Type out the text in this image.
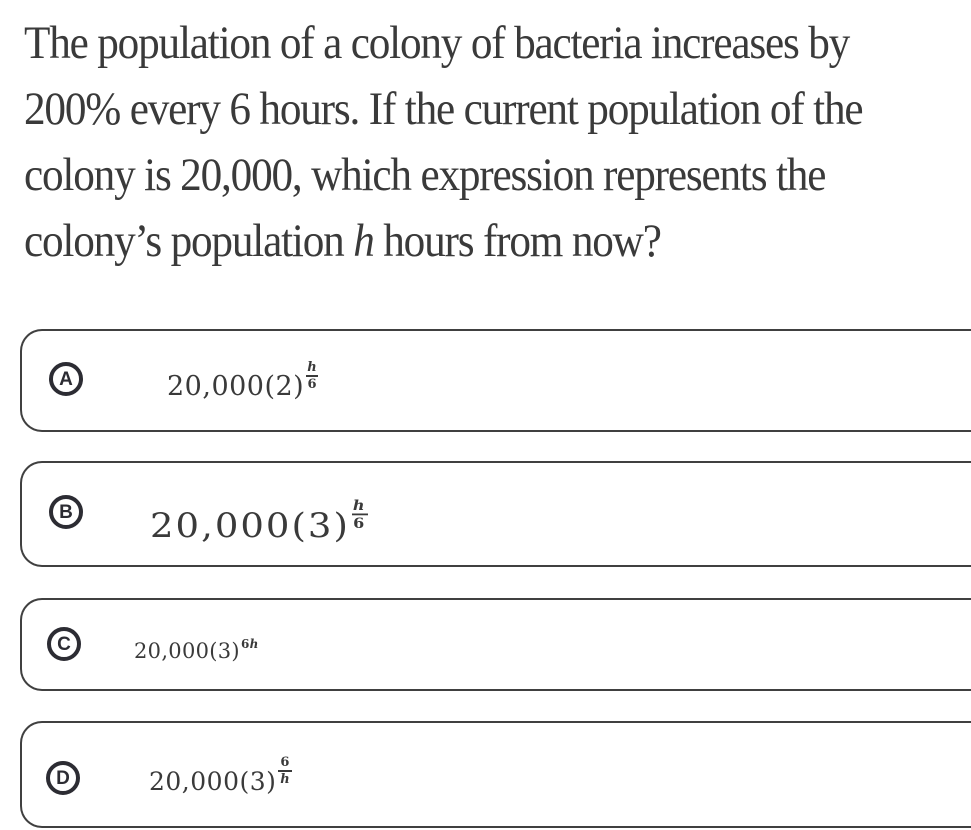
The population of a colony of bacteria increases by
200% every 6 hours. If the current population of the
colony is 20,000, which expression represents the
colony’s population h hours from now?

A	$20,000(2) \frac{h}{6}$
B $20,000(3) \frac{h}{6}$
C	$20,000(3)^{6h}$
D	$20,000(3) \frac{6}{h}$
